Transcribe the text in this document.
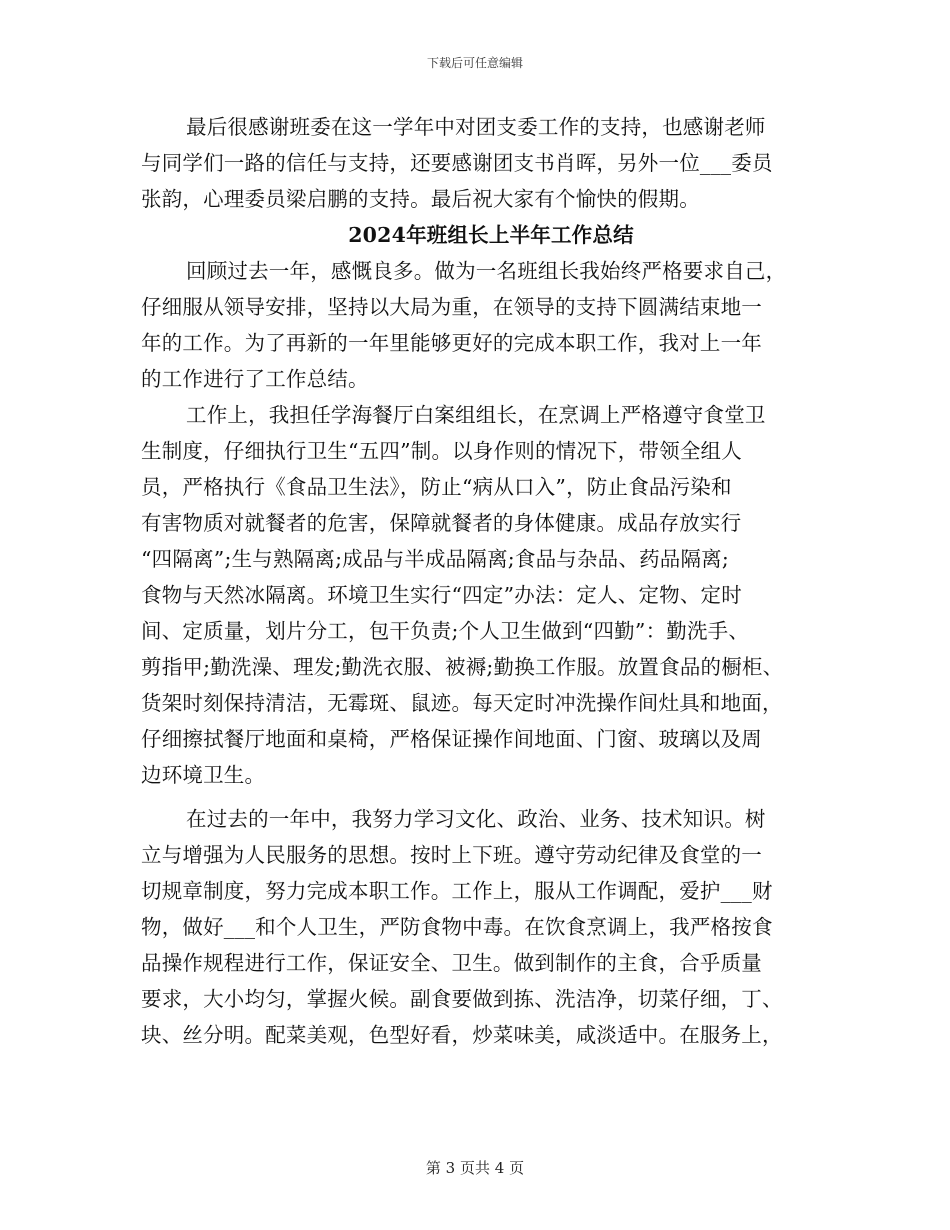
下载后可任意编辑
最后很感谢班委在这一学年中对团支委工作的支持，也感谢老师
与同学们一路的信任与支持，还要感谢团支书肖晖，另外一位___委员
张韵，心理委员梁启鹏的支持。最后祝大家有个愉快的假期。
2024年班组长上半年工作总结
回顾过去一年，感慨良多。做为一名班组长我始终严格要求自己，
仔细服从领导安排，坚持以大局为重，在领导的支持下圆满结束地一
年的工作。为了再新的一年里能够更好的完成本职工作，我对上一年
的工作进行了工作总结。
工作上，我担任学海餐厅白案组组长，在烹调上严格遵守食堂卫
生制度，仔细执行卫生“五四”制。以身作则的情况下，带领全组人
员，严格执行《食品卫生法》，防止“病从口入”，防止食品污染和
有害物质对就餐者的危害，保障就餐者的身体健康。成品存放实行
“四隔离”;生与熟隔离;成品与半成品隔离;食品与杂品、药品隔离;
食物与天然冰隔离。环境卫生实行“四定”办法：定人、定物、定时
间、定质量，划片分工，包干负责;个人卫生做到“四勤”：勤洗手、
剪指甲;勤洗澡、理发;勤洗衣服、被褥;勤换工作服。放置食品的橱柜、
货架时刻保持清洁，无霉斑、鼠迹。每天定时冲洗操作间灶具和地面，
仔细擦拭餐厅地面和桌椅，严格保证操作间地面、门窗、玻璃以及周
边环境卫生。
在过去的一年中，我努力学习文化、政治、业务、技术知识。树
立与增强为人民服务的思想。按时上下班。遵守劳动纪律及食堂的一
切规章制度，努力完成本职工作。工作上，服从工作调配，爱护___财
物，做好___和个人卫生，严防食物中毒。在饮食烹调上，我严格按食
品操作规程进行工作，保证安全、卫生。做到制作的主食，合乎质量
要求，大小均匀，掌握火候。副食要做到拣、洗洁净，切菜仔细，丁、
块、丝分明。配菜美观，色型好看，炒菜味美，咸淡适中。在服务上，
第 3 页共 4 页
